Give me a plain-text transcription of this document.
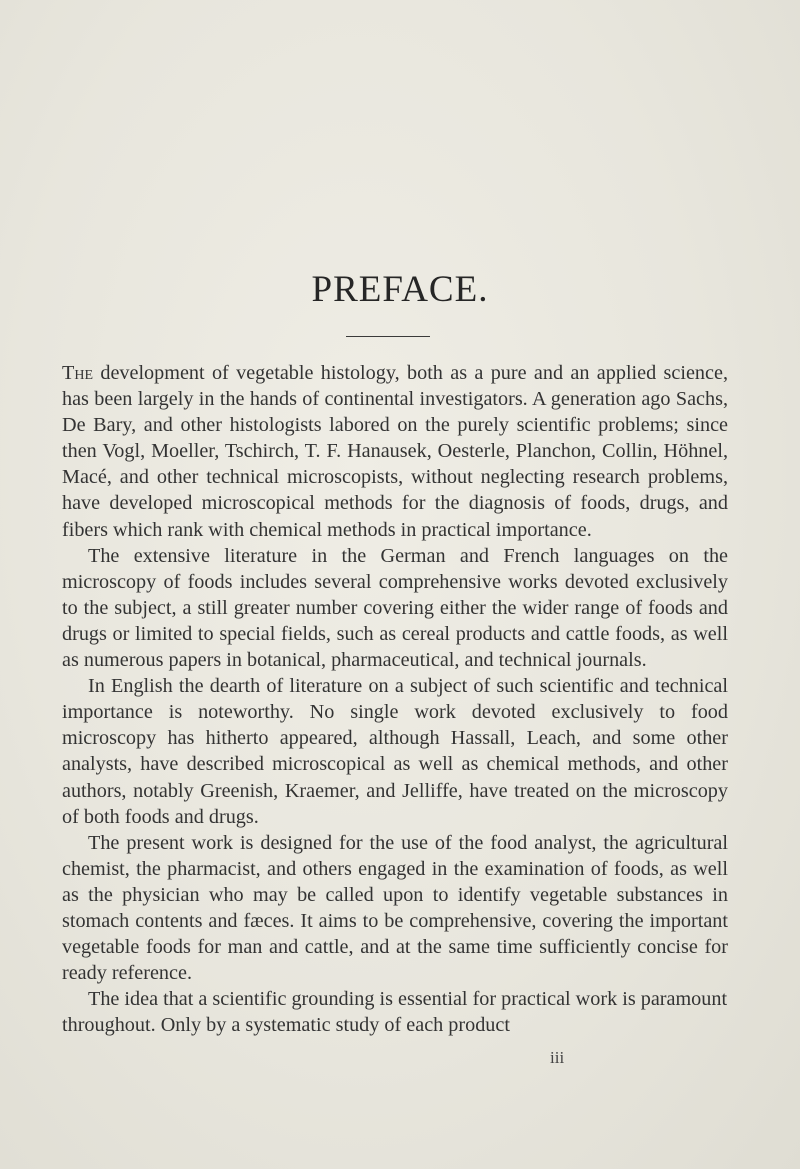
PREFACE.

The development of vegetable histology, both as a pure and an applied science, has been largely in the hands of continental investigators. A generation ago Sachs, De Bary, and other histologists labored on the purely scientific problems; since then Vogl, Moeller, Tschirch, T. F. Hanausek, Oesterle, Planchon, Collin, Höhnel, Macé, and other technical microscopists, without neglecting research problems, have developed microscopical methods for the diagnosis of foods, drugs, and fibers which rank with chemical methods in practical importance.

The extensive literature in the German and French languages on the microscopy of foods includes several comprehensive works devoted exclusively to the subject, a still greater number covering either the wider range of foods and drugs or limited to special fields, such as cereal products and cattle foods, as well as numerous papers in botanical, pharmaceutical, and technical journals.

In English the dearth of literature on a subject of such scientific and technical importance is noteworthy. No single work devoted exclusively to food microscopy has hitherto appeared, although Hassall, Leach, and some other analysts, have described microscopical as well as chemical methods, and other authors, notably Greenish, Kraemer, and Jelliffe, have treated on the microscopy of both foods and drugs.

The present work is designed for the use of the food analyst, the agricultural chemist, the pharmacist, and others engaged in the examination of foods, as well as the physician who may be called upon to identify vegetable substances in stomach contents and fæces. It aims to be comprehensive, covering the important vegetable foods for man and cattle, and at the same time sufficiently concise for ready reference.

The idea that a scientific grounding is essential for practical work is paramount throughout. Only by a systematic study of each product

iii
